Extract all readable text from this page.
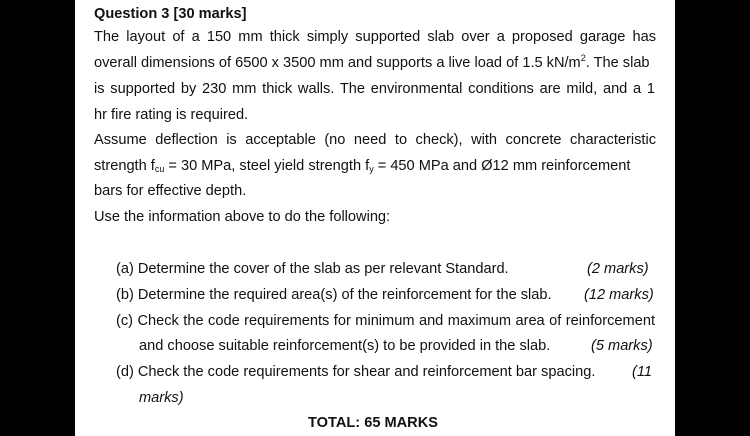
Question 3 [30 marks]
The layout of a 150 mm thick simply supported slab over a proposed garage has
overall dimensions of 6500 x 3500 mm and supports a live load of 1.5 $kN/m^2$. The slab
is supported by 230 mm thick walls. The environmental conditions are mild, and a 1
hr fire rating is required.
Assume deflection is acceptable (no need to check), with concrete characteristic
strength $f_{cu} = 30$ MPa, steel yield strength $f_y = 450$ MPa and Ø12 mm reinforcement
bars for effective depth.
Use the information above to do the following:
(a) Determine the cover of the slab as per relevant Standard.	(2 marks)
(b) Determine the required area(s) of the reinforcement for the slab. (12 marks)
(c) Check the code requirements for minimum and maximum area of reinforcement
and choose suitable reinforcement(s) to be provided in the slab.	(5 marks)
(d) Check the code requirements for shear and reinforcement bar spacing.	(11
marks)
TOTAL: 65 MARKS
